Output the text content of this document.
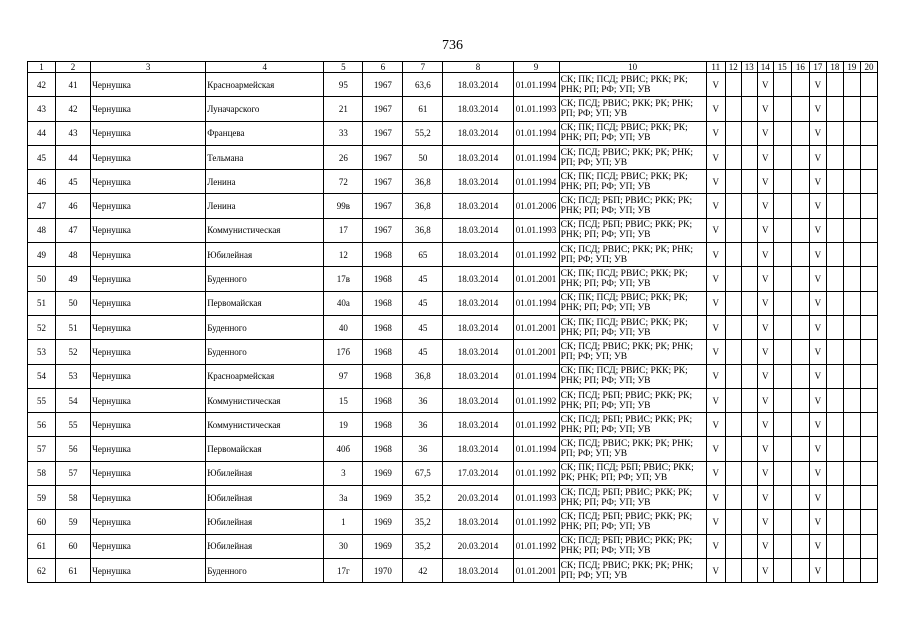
736
1	2	3	4	5	6	7	8	9	10	11	12	13	14	15	16	17	18	19	20
42	41	Чернушка	Красноармейская	95	1967	63,6	18.03.2014	01.01.1994	СК; ПК; ПСД; РВИС; РКК; РК; РНК; РП; РФ; УП; УВ	V			V			V			
43	42	Чернушка	Луначарского	21	1967	61	18.03.2014	01.01.1993	СК; ПСД; РВИС; РКК; РК; РНК; РП; РФ; УП; УВ	V			V			V			
44	43	Чернушка	Францева	33	1967	55,2	18.03.2014	01.01.1994	СК; ПК; ПСД; РВИС; РКК; РК; РНК; РП; РФ; УП; УВ	V			V			V			
45	44	Чернушка	Тельмана	26	1967	50	18.03.2014	01.01.1994	СК; ПСД; РВИС; РКК; РК; РНК; РП; РФ; УП; УВ	V			V			V			
46	45	Чернушка	Ленина	72	1967	36,8	18.03.2014	01.01.1994	СК; ПК; ПСД; РВИС; РКК; РК; РНК; РП; РФ; УП; УВ	V			V			V			
47	46	Чернушка	Ленина	99в	1967	36,8	18.03.2014	01.01.2006	СК; ПСД; РБП; РВИС; РКК; РК; РНК; РП; РФ; УП; УВ	V			V			V			
48	47	Чернушка	Коммунистическая	17	1967	36,8	18.03.2014	01.01.1993	СК; ПСД; РБП; РВИС; РКК; РК; РНК; РП; РФ; УП; УВ	V			V			V			
49	48	Чернушка	Юбилейная	12	1968	65	18.03.2014	01.01.1992	СК; ПСД; РВИС; РКК; РК; РНК; РП; РФ; УП; УВ	V			V			V			
50	49	Чернушка	Буденного	17в	1968	45	18.03.2014	01.01.2001	СК; ПК; ПСД; РВИС; РКК; РК; РНК; РП; РФ; УП; УВ	V			V			V			
51	50	Чернушка	Первомайская	40а	1968	45	18.03.2014	01.01.1994	СК; ПК; ПСД; РВИС; РКК; РК; РНК; РП; РФ; УП; УВ	V			V			V			
52	51	Чернушка	Буденного	40	1968	45	18.03.2014	01.01.2001	СК; ПК; ПСД; РВИС; РКК; РК; РНК; РП; РФ; УП; УВ	V			V			V			
53	52	Чернушка	Буденного	17б	1968	45	18.03.2014	01.01.2001	СК; ПСД; РВИС; РКК; РК; РНК; РП; РФ; УП; УВ	V			V			V			
54	53	Чернушка	Красноармейская	97	1968	36,8	18.03.2014	01.01.1994	СК; ПК; ПСД; РВИС; РКК; РК; РНК; РП; РФ; УП; УВ	V			V			V			
55	54	Чернушка	Коммунистическая	15	1968	36	18.03.2014	01.01.1992	СК; ПСД; РБП; РВИС; РКК; РК; РНК; РП; РФ; УП; УВ	V			V			V			
56	55	Чернушка	Коммунистическая	19	1968	36	18.03.2014	01.01.1992	СК; ПСД; РБП; РВИС; РКК; РК; РНК; РП; РФ; УП; УВ	V			V			V			
57	56	Чернушка	Первомайская	40б	1968	36	18.03.2014	01.01.1994	СК; ПСД; РВИС; РКК; РК; РНК; РП; РФ; УП; УВ	V			V			V			
58	57	Чернушка	Юбилейная	3	1969	67,5	17.03.2014	01.01.1992	СК; ПК; ПСД; РБП; РВИС; РКК; РК; РНК; РП; РФ; УП; УВ	V			V			V			
59	58	Чернушка	Юбилейная	3а	1969	35,2	20.03.2014	01.01.1993	СК; ПСД; РБП; РВИС; РКК; РК; РНК; РП; РФ; УП; УВ	V			V			V			
60	59	Чернушка	Юбилейная	1	1969	35,2	18.03.2014	01.01.1992	СК; ПСД; РБП; РВИС; РКК; РК; РНК; РП; РФ; УП; УВ	V			V			V			
61	60	Чернушка	Юбилейная	30	1969	35,2	20.03.2014	01.01.1992	СК; ПСД; РБП; РВИС; РКК; РК; РНК; РП; РФ; УП; УВ	V			V			V			
62	61	Чернушка	Буденного	17г	1970	42	18.03.2014	01.01.2001	СК; ПСД; РВИС; РКК; РК; РНК; РП; РФ; УП; УВ	V			V			V			
